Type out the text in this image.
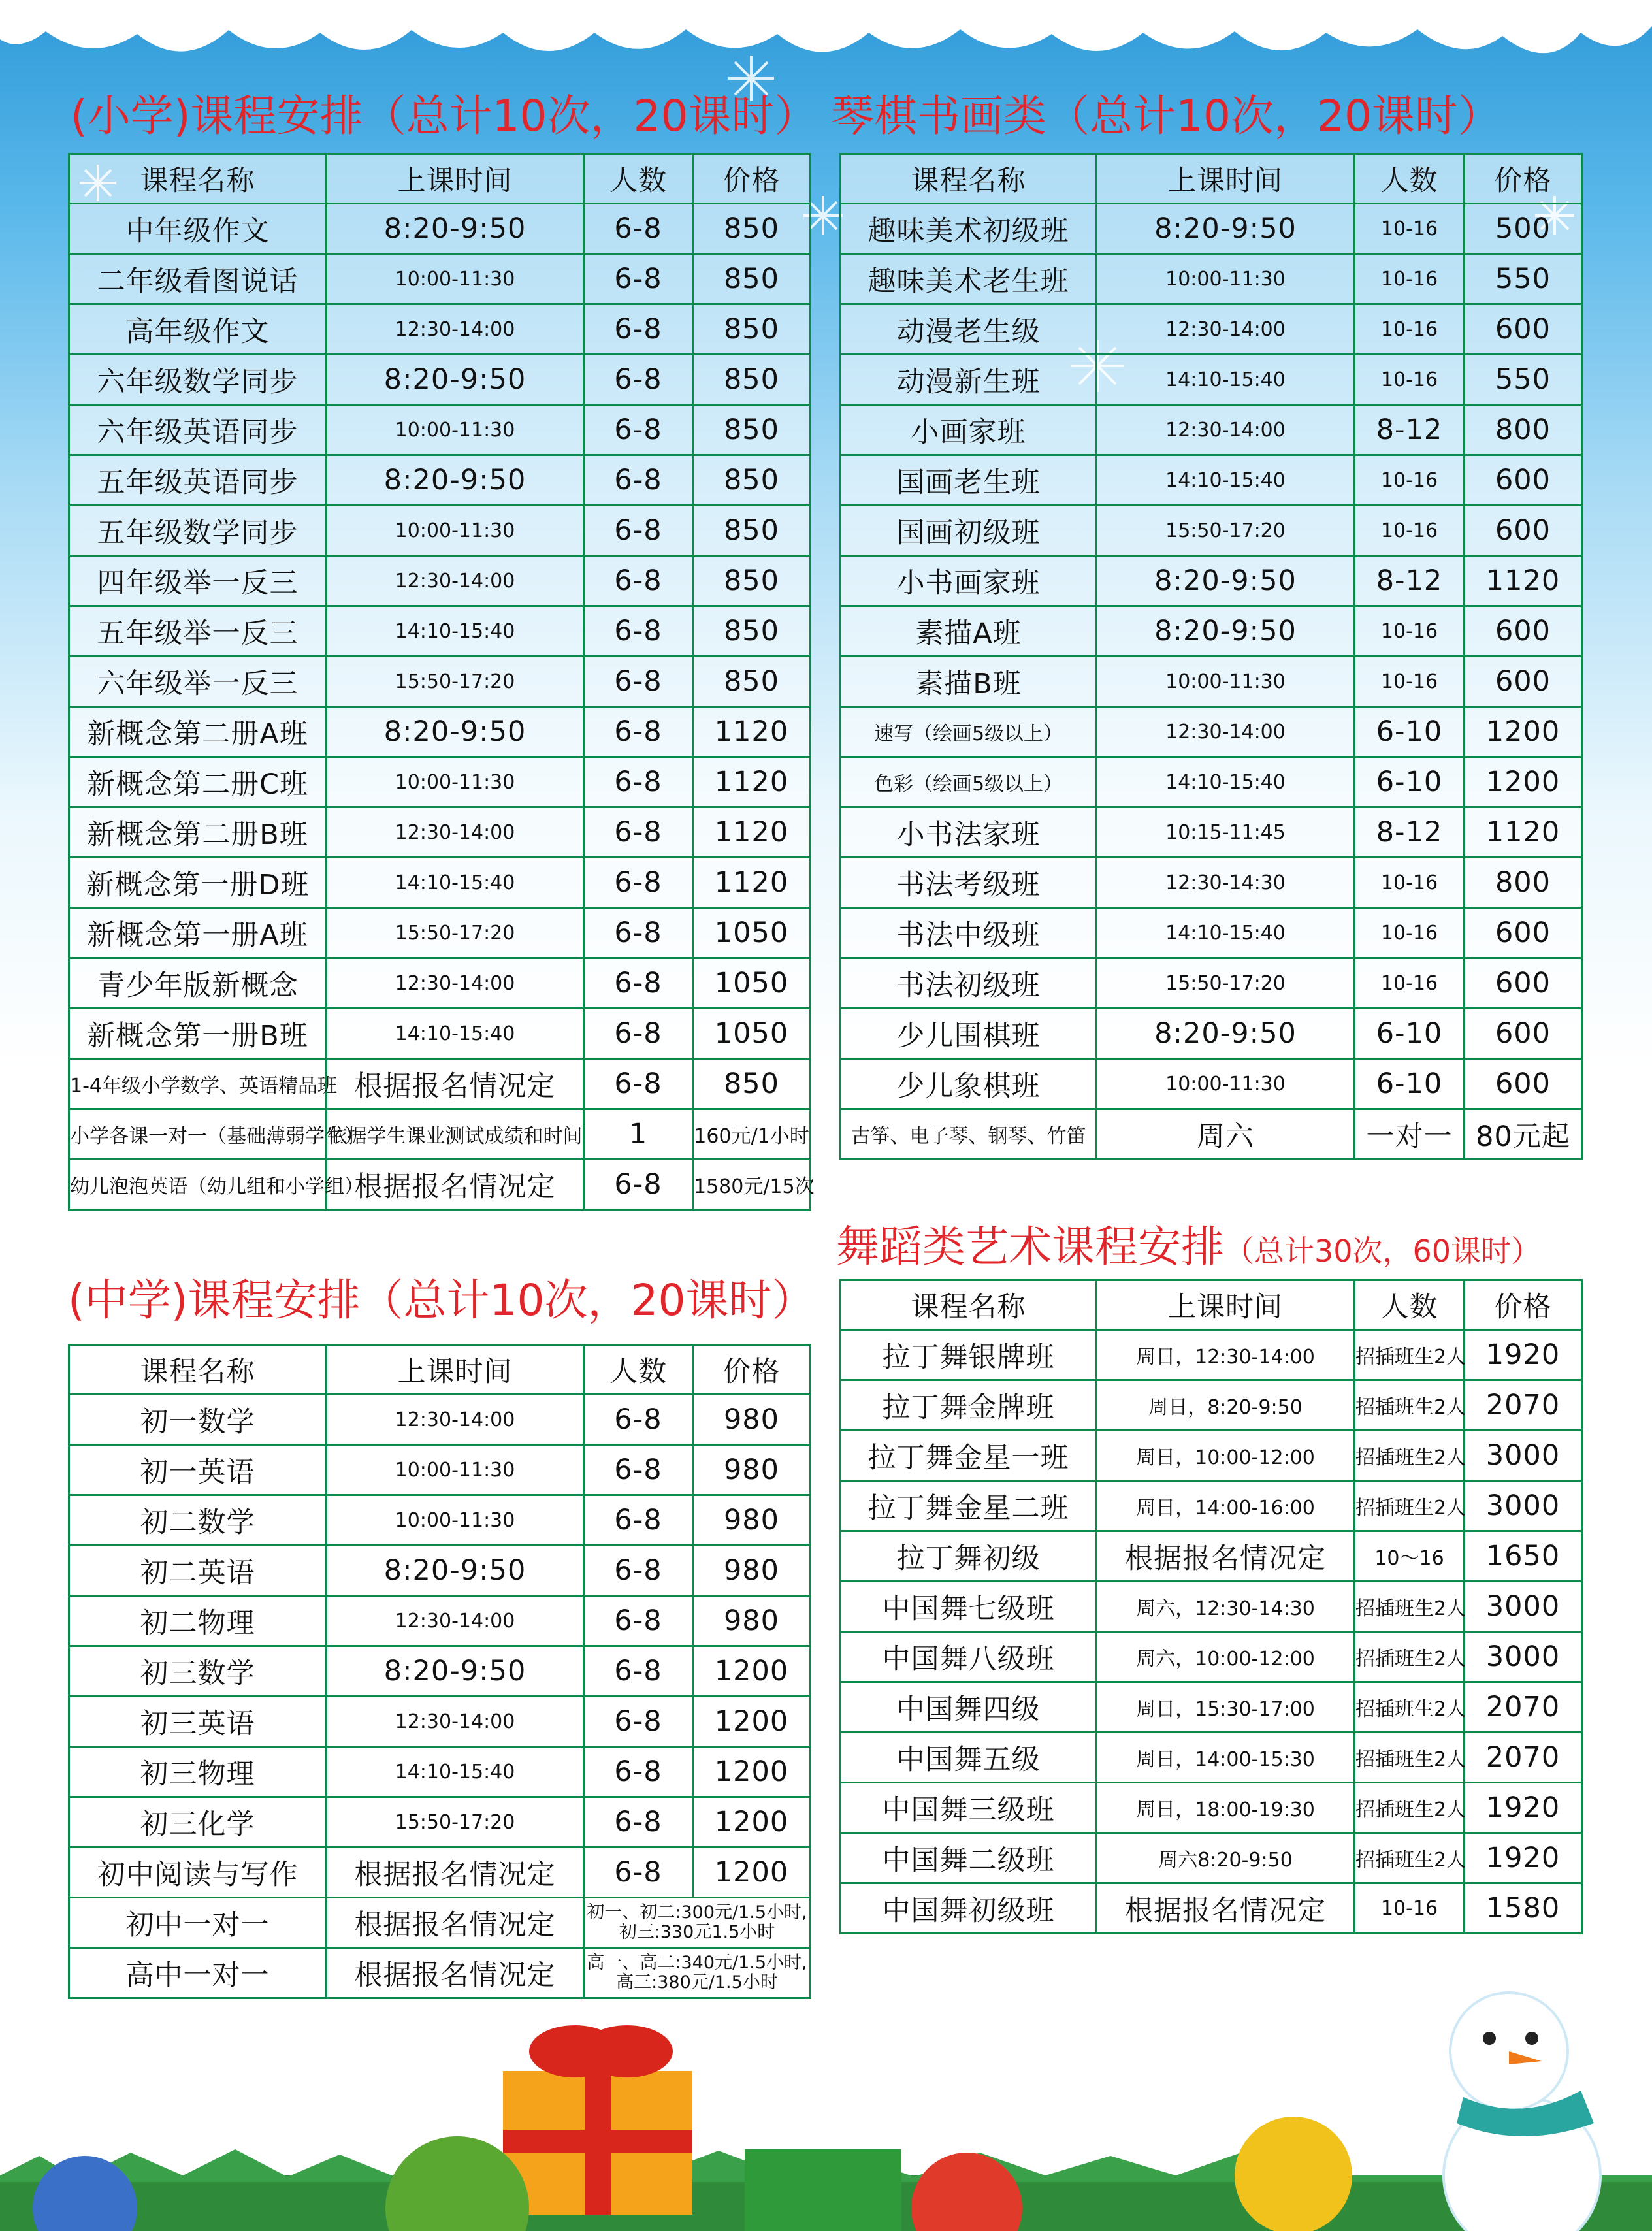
(小学)课程安排（总计10次，20课时）
课程名称	上课时间	人数	价格
中年级作文	8:20-9:50	6-8	850
二年级看图说话	10:00-11:30	6-8	850
高年级作文	12:30-14:00	6-8	850
六年级数学同步	8:20-9:50	6-8	850
六年级英语同步	10:00-11:30	6-8	850
五年级英语同步	8:20-9:50	6-8	850
五年级数学同步	10:00-11:30	6-8	850
四年级举一反三	12:30-14:00	6-8	850
五年级举一反三	14:10-15:40	6-8	850
六年级举一反三	15:50-17:20	6-8	850
新概念第二册A班	8:20-9:50	6-8	1120
新概念第二册C班	10:00-11:30	6-8	1120
新概念第二册B班	12:30-14:00	6-8	1120
新概念第一册D班	14:10-15:40	6-8	1120
新概念第一册A班	15:50-17:20	6-8	1050
青少年版新概念	12:30-14:00	6-8	1050
新概念第一册B班	14:10-15:40	6-8	1050
1-4年级小学数学、英语精品班	根据报名情况定	6-8	850
小学各课一对一（基础薄弱学生）	依据学生课业测试成绩和时间	1	160元/1小时
幼儿泡泡英语（幼儿组和小学组）	根据报名情况定	6-8	1580元/15次
琴棋书画类（总计10次，20课时）
课程名称	上课时间	人数	价格
趣味美术初级班	8:20-9:50	10-16	500
趣味美术老生班	10:00-11:30	10-16	550
动漫老生级	12:30-14:00	10-16	600
动漫新生班	14:10-15:40	10-16	550
小画家班	12:30-14:00	8-12	800
国画老生班	14:10-15:40	10-16	600
国画初级班	15:50-17:20	10-16	600
小书画家班	8:20-9:50	8-12	1120
素描A班	8:20-9:50	10-16	600
素描B班	10:00-11:30	10-16	600
速写（绘画5级以上）	12:30-14:00	6-10	1200
色彩（绘画5级以上）	14:10-15:40	6-10	1200
小书法家班	10:15-11:45	8-12	1120
书法考级班	12:30-14:30	10-16	800
书法中级班	14:10-15:40	10-16	600
书法初级班	15:50-17:20	10-16	600
少儿围棋班	8:20-9:50	6-10	600
少儿象棋班	10:00-11:30	6-10	600
古筝、电子琴、钢琴、竹笛	周六	一对一	80元起
(中学)课程安排（总计10次，20课时）
课程名称	上课时间	人数	价格
初一数学	12:30-14:00	6-8	980
初一英语	10:00-11:30	6-8	980
初二数学	10:00-11:30	6-8	980
初二英语	8:20-9:50	6-8	980
初二物理	12:30-14:00	6-8	980
初三数学	8:20-9:50	6-8	1200
初三英语	12:30-14:00	6-8	1200
初三物理	14:10-15:40	6-8	1200
初三化学	15:50-17:20	6-8	1200
初中阅读与写作	根据报名情况定	6-8	1200
初中一对一	根据报名情况定	初一、初二:300元/1.5小时,初三:330元1.5小时	
高中一对一	根据报名情况定	高一、高二:340元/1.5小时,高三:380元/1.5小时	
舞蹈类艺术课程安排（总计30次，60课时）
课程名称	上课时间	人数	价格
拉丁舞银牌班	周日，12:30-14:00	招插班生2人	1920
拉丁舞金牌班	周日，8:20-9:50	招插班生2人	2070
拉丁舞金星一班	周日，10:00-12:00	招插班生2人	3000
拉丁舞金星二班	周日，14:00-16:00	招插班生2人	3000
拉丁舞初级	根据报名情况定	10～16	1650
中国舞七级班	周六，12:30-14:30	招插班生2人	3000
中国舞八级班	周六，10:00-12:00	招插班生2人	3000
中国舞四级	周日，15:30-17:00	招插班生2人	2070
中国舞五级	周日，14:00-15:30	招插班生2人	2070
中国舞三级班	周日，18:00-19:30	招插班生2人	1920
中国舞二级班	周六8:20-9:50	招插班生2人	1920
中国舞初级班	根据报名情况定	10-16	1580
